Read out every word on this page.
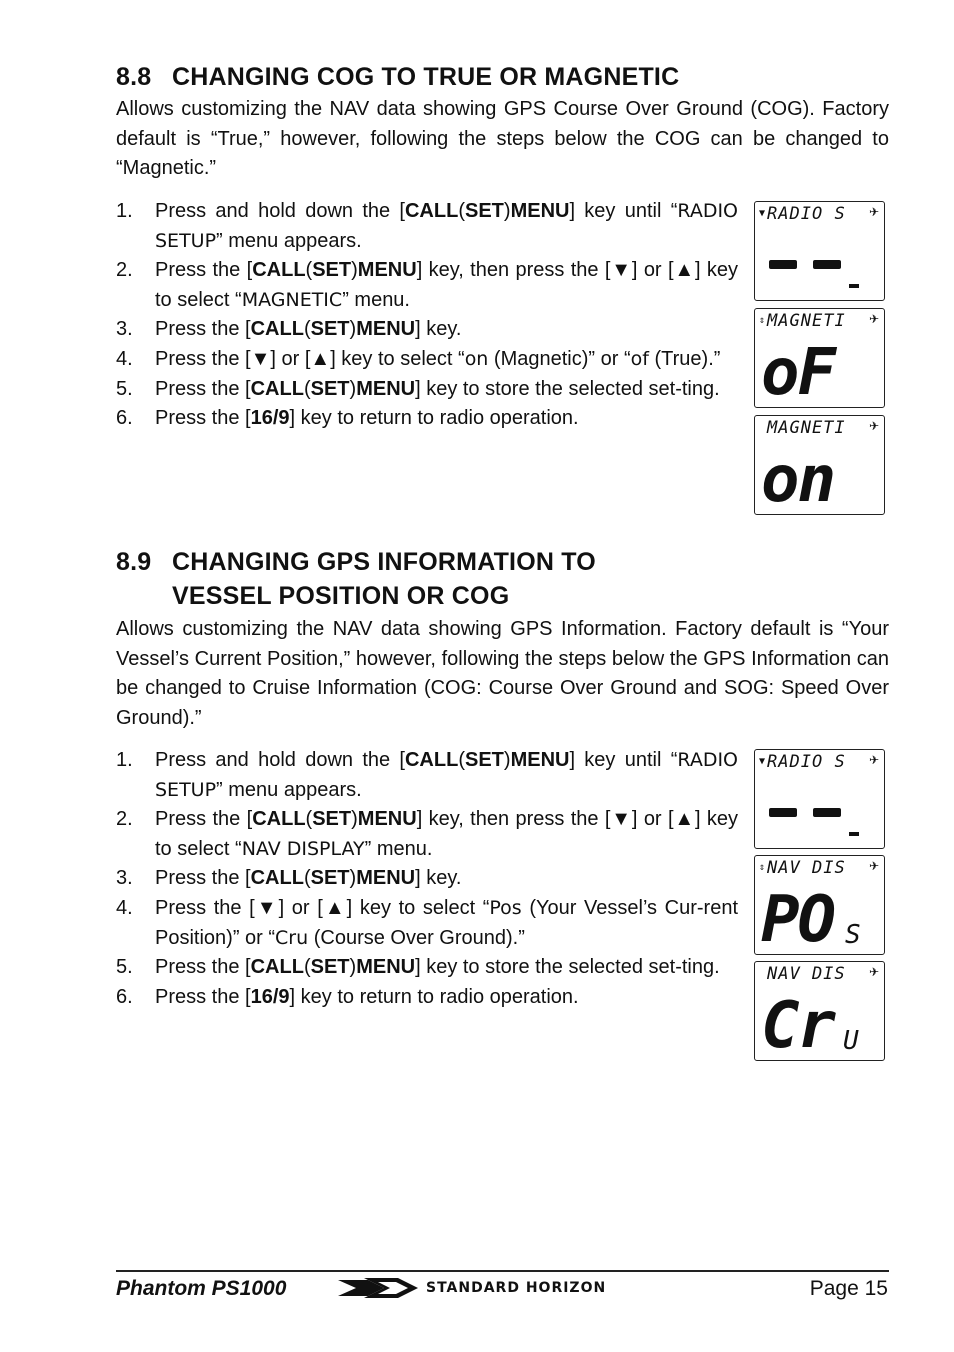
8.8 CHANGING COG TO TRUE OR MAGNETIC

Allows customizing the NAV data showing GPS Course Over Ground (COG). Factory default is “True,” however, following the steps below the COG can be changed to “Magnetic.”

1. Press and hold down the [CALL(SET)MENU] key until “RADIO SETUP” menu appears.
2. Press the [CALL(SET)MENU] key, then press the [▼] or [▲] key to select “MAGNETIC” menu.
3. Press the [CALL(SET)MENU] key.
4. Press the [▼] or [▲] key to select “on (Magnetic)” or “of (True).”
5. Press the [CALL(SET)MENU] key to store the selected set-ting.
6. Press the [16/9] key to return to radio operation.
▼RADIO S ✈
⇕MAGNETI ✈
oF
MAGNETI ✈
on
8.9 CHANGING GPS INFORMATION TO
VESSEL POSITION OR COG

Allows customizing the NAV data showing GPS Information. Factory default is “Your Vessel’s Current Position,” however, following the steps below the GPS Information can be changed to Cruise Information (COG: Course Over Ground and SOG: Speed Over Ground).”

1. Press and hold down the [CALL(SET)MENU] key until “RADIO SETUP” menu appears.
2. Press the [CALL(SET)MENU] key, then press the [▼] or [▲] key to select “NAV DISPLAY” menu.
3. Press the [CALL(SET)MENU] key.
4. Press the [▼] or [▲] key to select “Pos (Your Vessel’s Cur-rent Position)” or “Cru (Course Over Ground).”
5. Press the [CALL(SET)MENU] key to store the selected set-ting.
6. Press the [16/9] key to return to radio operation.
▼RADIO S ✈
⇕NAV DIS ✈
PO S
NAV DIS ✈
Cr U
Phantom PS1000	STANDARD HORIZON	Page 15
